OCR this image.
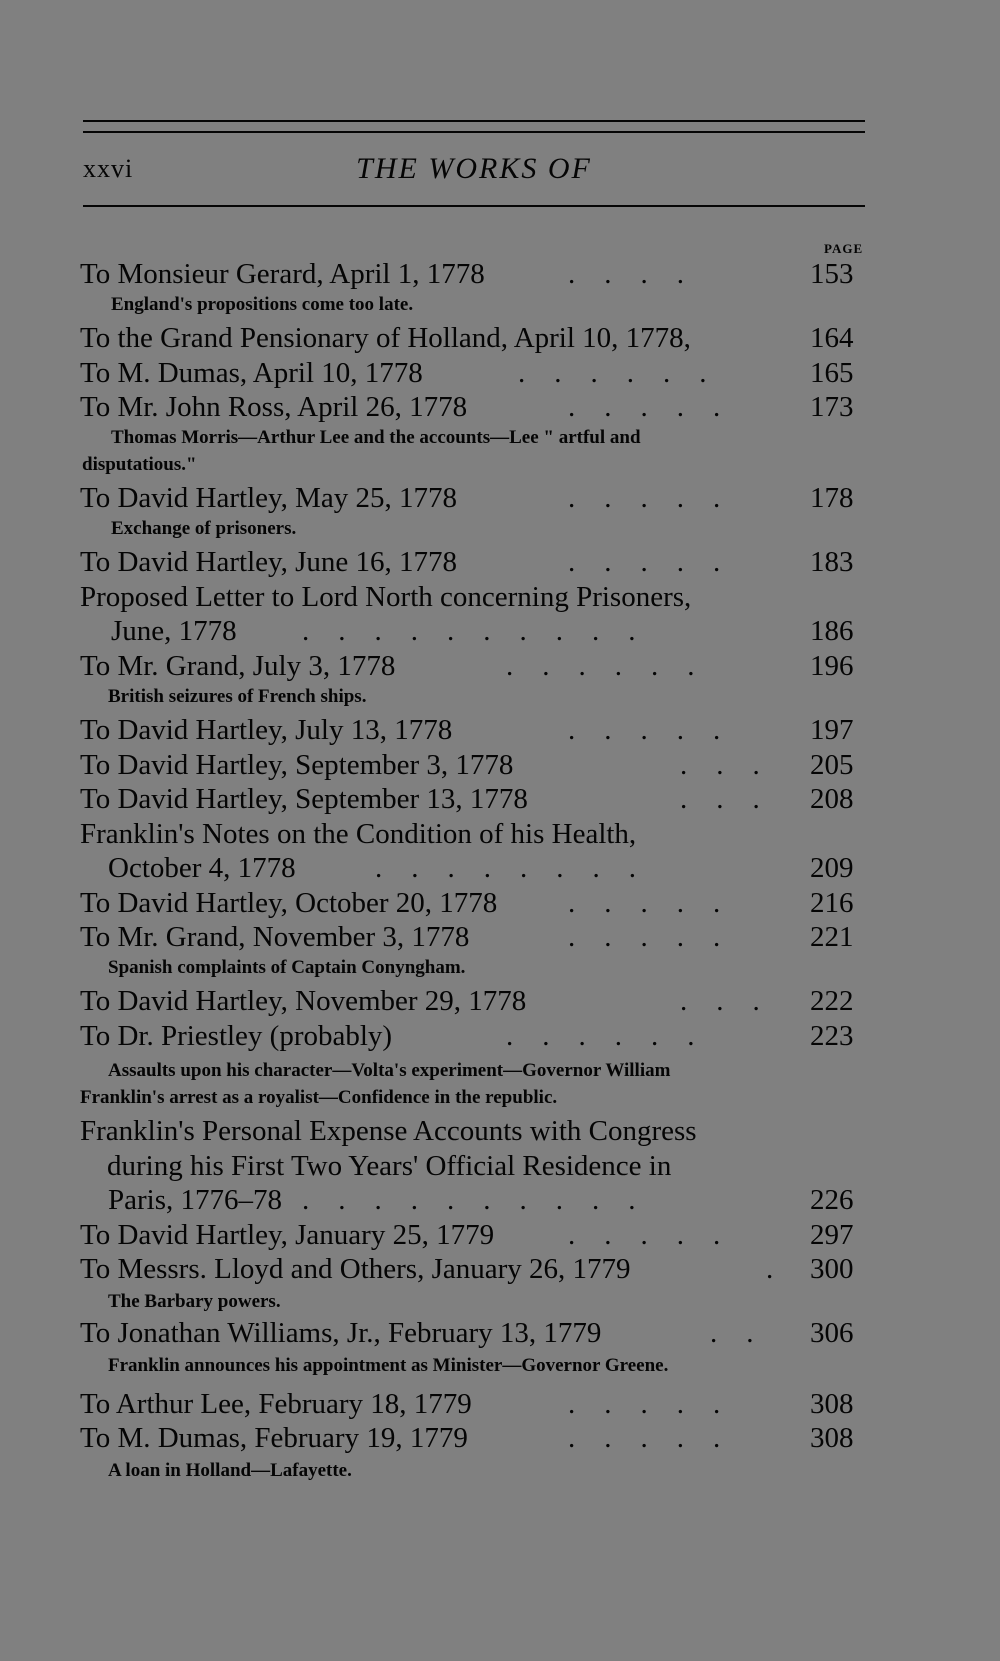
xxvi	THE WORKS OF
PAGE
To Monsieur Gerard, April 1, 1778	.    .    .    .	153
England's propositions come too late.
To the Grand Pensionary of Holland, April 10, 1778,	164
To M. Dumas, April 10, 1778	.    .    .    .    .    .	165
To Mr. John Ross, April 26, 1778	.    .    .    .    .	173
Thomas Morris—Arthur Lee and the accounts—Lee " artful and
disputatious."
To David Hartley, May 25, 1778	.    .    .    .    .	178
Exchange of prisoners.
To David Hartley, June 16, 1778	.    .    .    .    .	183
Proposed Letter to Lord North concerning Prisoners,
June, 1778 .    .    .    .    .    .    .    .    .    .	186
To Mr. Grand, July 3, 1778	.    .    .    .    .    .	196
British seizures of French ships.
To David Hartley, July 13, 1778	.    .    .    .    .	197
To David Hartley, September 3, 1778	.    .    . 205
To David Hartley, September 13, 1778	.    .    . 208
Franklin's Notes on the Condition of his Health,
October 4, 1778	.    .    .    .    .    .    .    .	209
To David Hartley, October 20, 1778 .    .    .    .    .	216
To Mr. Grand, November 3, 1778	.    .    .    .    .	221
Spanish complaints of Captain Conyngham.
To David Hartley, November 29, 1778	.    .    . 222
To Dr. Priestley (probably)	.    .    .    .    .    .	223
Assaults upon his character—Volta's experiment—Governor William
Franklin's arrest as a royalist—Confidence in the republic.
Franklin's Personal Expense Accounts with Congress
during his First Two Years' Official Residence in
Paris, 1776–78 .    .    .    .    .    .    .    .    .    .	226
To David Hartley, January 25, 1779	.    .    .    .    .	297
To Messrs. Lloyd and Others, January 26, 1779	. 300
The Barbary powers.
To Jonathan Williams, Jr., February 13, 1779	.    . 306
Franklin announces his appointment as Minister—Governor Greene.
To Arthur Lee, February 18, 1779	.    .    .    .    .	308
To M. Dumas, February 19, 1779	.    .    .    .    .	308
A loan in Holland—Lafayette.
